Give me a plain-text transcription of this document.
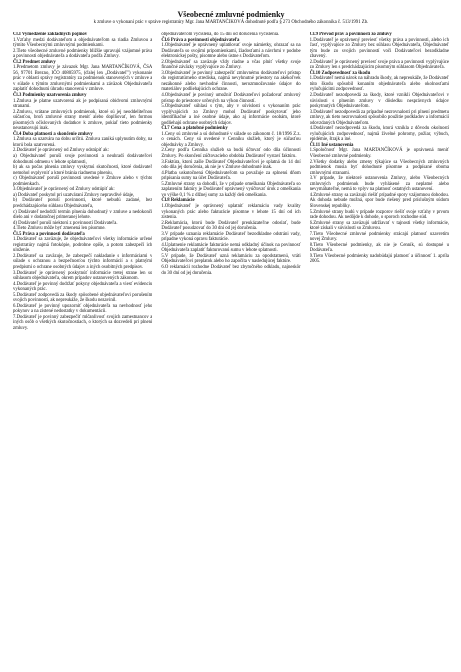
Všeobecné zmluvné podmienky
k zmluve o vykonaní prác v správe registratúry Mgr. Jana MARTANČIKOVÁ dohodnuté podľa § 273 Obchodného zákonníka č. 513/1991 Zb.
Čl.I Vymedzenie základných pojmov

1.Vzťahy medzi dodávateľom a objednávateľom sa riadia Zmluvou a týmito Všeobecnými zmluvnými podmienkami.

2.Tieto všeobecné zmluvné podmienky bližšie upravujú vzájomné práva a povinnosti objednávateľa a dodávateľa podľa Zmluvy.

Čl.2 Predmet zmluvy

1.Predmetom zmluvy je závazok Mgr. Jana MARTANČÍKOVÁ, ČSA 56, 97701 Brezno, IČO 40805975, (ďalej len „Dodávateľ") vykonanie prác v oblasti správy registratúry za podmienok stanovených v zmluve a v súlade s týmito zmluvnými podmienkami a záväzok Objednávateľa zaplatiť dohodnutú úhradu stanovenú v zmluve.

Čl.3 Podmienky uzatvorenia zmluvy

1.Zmluva je platne uzatvorená ak je podpísaná obidvomi zmluvnými stranami.

2.Zmluvu, vrátane zmluvných podmienok, ktoré sú jej neoddeliteľnou súčasťou, broň zmluvné strany meniť alebo doplňovať, len formou písomných očíslovaných dodatkov k zmluve, pokiaľ tieto podmienky neustanovujú inak.

Čl.4 Doba platnosti a skončenie zmluvy

1.Zmluva sa uzatvára na dobu určitú. Zmluva zaniká uplynutím doby, na ktorú bola uzatvorená.

2.Dodávateľ je oprávnený od Zmluvy odstúpiť ak:

a) Objednávateľ poruší svoje povinnosti a neuhradí dodávateľovi dohodnutú odmenu v lehote splatnosti,

b) ak sa počas plnenia zmluvy vyskytnú skutočnosti, ktoré dodávateľ nemohol ovplyvniť a ktoré bránia riadnemu plneniu,

c) Objednávateľ poruší povinnosti uvedené v Zmluve alebo v týchto podmienkach.

3.Objednávateľ je oprávnený od Zmluvy odstúpiť ak:

a) Dodávateľ poskytol pri uzatváraní Zmluvy nepravdivé údaje,

b) Dodávateľ poruší povinnosti, ktoré nebudú zadané, bez predchádzajúceho súhlasu Objednávateľa,

c) Dodávateľ nedodrží termín plnenia dohodnutý v zmluve a nedokončí dielo ani v dodatočnej primeranej lehote.

d) Dodávateľ poruší niektorú z povinností Dodávateľa.

4.Tieto Zmluvu môže byť zmenená len písomne.

Čl.5 Práva a povinnosti dodávateľa

1.Dodávateľ sa zaväzuje, že objednávateľovi všetky informácie určené registratúry najmä fotokópie, podrobne opíše, a potom zabezpečí ich uloženie.

2.Dodávateľ sa zaväzuje, že zabezpečí nakladanie s informáciami v súlade s ochranou a bezpečnosťou týchto informácií a s platnými predpismi o ochrane osobných údajov a iných osobitných predpisov.

3.Dodávateľ je oprávnený poskytnúť informácie tretej strane len so súhlasom objednávateľa, okrem prípadov ustanovených zákonom.

4.Dodávateľ je povinný dodržať pokyny objednávateľa a viesť evidenciu vykonaných prác.

5.Dodávateľ zodpovedá za škody spôsobené objednávateľovi porušením svojich povinností, ak nepreukáže, že škodu nezavinil.

6.Dodávateľ je povinný upozorniť objednávateľa na nevhodnosť jeho pokynov a na zistené nedostatky v dokumentácii.

7.Dodávateľ je povinný zabezpečiť mlčanlivosť svojich zamestnancov a iných osôb o všetkých skutočnostiach, o ktorých sa dozvedeli pri plnení zmluvy.

objednávateľom vyčíslená, do 15 dní od doručenia vyčíslenia.

Čl.6 Práva a povinnosti objednávateľa

1.Objednávateľ je oprávnený uplatňovať svoje námietky, ohrazať sa na Dodávateľa so svojimi pripomienkami, žiadosťami a návrhmi v podobe elektronickej pošty, písomne alebo ústne s Dodávateľom.

2.Objednávateľ sa zaväzuje vždy riadne a včas plniť všetky svoje finančné záväzky vyplývajúce zo Zmluvy.

3.Objednávateľ je povinný zabezpečiť zmluvnému dodávateľovi prístup do registratúrneho strediska, najmä nevyhnutné priestory na akékoľvek nezákonné alebo nevhodné činnosti, nerozmnožovanie údajov do materiálov podliehajúcich ochrane.

4.Objednávateľ je povinný umožniť Dodávateľovi požadovať zmluvný prístup do priestorov určených na výkon činností.

5.Objednávateľ súhlasí s tým, aby v súvislosti s vykonaním prác vyplývajúcich zo Zmluvy mohol Dodávateľ poskytovať jeho identifikačné a iné osobné údaje, ako aj informácie osobám, ktoré podliehajú ochrane osobných údajov.

Čl.7 Cena a platobné podmienky

1.Ceny sú zmluvné a sú dohodnuté v súlade so zákonom č. 18/1996 Z.z. o cenách. Ceny sú uvedené v Cenníku služieb, ktorý je súčasťou objednávky a Zmluvy.

2.Ceny podľa Cenníka služieb sa budú účtovať odo dňa účinnosti Zmluvy. Po skončení zúčtovacieho obdobia Dodávateľ vystaví faktúru.

3.Faktúra, ktorú zašle Dodávateľ Objednávateľovi je splatná do 14 dní odo dňa jej doručenia, ak nie je v Zmluve dohodnuté inak.

4.Platba uskutočnená Objednávateľom sa považuje za splnenú dňom pripísania sumy na účet Dodávateľa.

5.Zmluvné strany sa dohodli, že v prípade omeškania Objednávateľa so zaplatením faktúry je Dodávateľ oprávnený vyúčtovať úrok z omeškania vo výške 0,1 % z dlžnej sumy za každý deň omeškania.

Čl.8 Reklamácie

1.Objednávateľ je oprávnený uplatniť reklamáciu vady kvality vykonaných prác alebo fakturácie písomne v lehote 15 dní od ich zistenia.

2.Reklamácia, ktorú bude Dodávateľ preukázateľne odoslať, bude Dodávateľ posudzovať do 30 dní od jej doručenia.

3.V prípade uznania reklamácie Dodávateľ bezodkladne odstráni vady, prípadne vykoná opravu fakturácie.

4.Uplatnenie reklamácie fakturácie nemá odkladný účinok na povinnosť Objednávateľa zaplatiť fakturovanú sumu v lehote splatnosti.

5.V prípade, že Dodávateľ uzná reklamáciu za opodstatnenú, vráti Objednávateľovi preplatok alebo ho započíta v nasledujúcej faktúre.

6.O reklamácii rozhodne Dodávateľ bez zbytočného odkladu, najneskôr do 30 dní od jej doručenia.

Čl.9 Prevod práv a povinností zo zmluvy

1.Dodávateľ je oprávnený previesť všetky práva a povinnosti, alebo ich časť, vyplývajúce zo Zmluvy bez súhlasu Objednávateľa, Objednávateľ tým bude zo svojich povinností voči Dodávateľovi bezodkladne zbavený.

2.Dodávateľ je oprávnený previesť svoje práva a povinnosti vyplývajúce zo Zmluvy len s predchádzajúcim písomným súhlasom Objednávateľa.

Čl.10 Zodpovednosť za škodu

1.Dodávateľ nemá nárok na náhradu škody, ak nepreukáže, že Dodávateľ túto škodu spôsobil konaním objednávateľa alebo okolnosťami vylučujúcimi zodpovednosť.

2.Dodávateľ nezodpovedá za škody, ktoré vznikli Objednávateľovi v súvislosti s plnením zmluvy v dôsledku nesprávnych údajov poskytnutých Objednávateľom.

3.Dodávateľ nezodpovedá za prípadné nezrovnalosti pri plnení predmetu zmluvy, ak tieto nezrovnalosti spôsobilo použitie podkladov a informácií odovzdaných Objednávateľom.

4.Dodávateľ nezodpovedá za škodu, ktorá vznikla z dôvodu okolností vylučujúcich zodpovednosť, najmä živelné pohromy, požiar, výbuch, epidémie, štrajk a iné.

Čl.11 Iné ustanovenia

1.Spoločnosť Mgr. Jana MARTANČÍKOVÁ je oprávnená meniť Všeobecné zmluvné podmienky.

2.Všetky dodatky alebo zmeny týkajúce sa Všeobecných zmluvných podmienok musia byť dohodnuté písomne a podpísané oboma zmluvnými stranami.

3.V prípade, že niektoré ustanovenia Zmluvy, alebo Všeobecných zmluvných podmienok bude vyhlásené za neplatné alebo nevymáhateľné, nemá to vplyv na platnosť ostatných ustanovení.

4.Zmluvné strany sa zaväzujú riešiť prípadné spory vzájomnou dohodou. Ak dohoda nebude možná, spor bude riešený pred príslušným súdom Slovenskej republiky.

5.Zmluvné strany budú v prípade rozporov riešiť svoje vzťahy v prvom rade dohodou. Ak nedôjde k dohode, o sporoch rozhodne súd.

6.Zmluvné strany sa zaväzujú udržiavať v tajnosti všetky informácie, ktoré získali v súvislosti so Zmluvou.

7.Tieto Všeobecné zmluvné podmienky strácajú platnosť uzavretím novej Zmluvy.

8.Tieto Všeobecné podmienky, ak nie je Cenník, sú dostupné u Dodávateľa.

9.Tieto Všeobecné podmienky nadobúdajú platnosť a účinnosť 1. apríla 2005.
